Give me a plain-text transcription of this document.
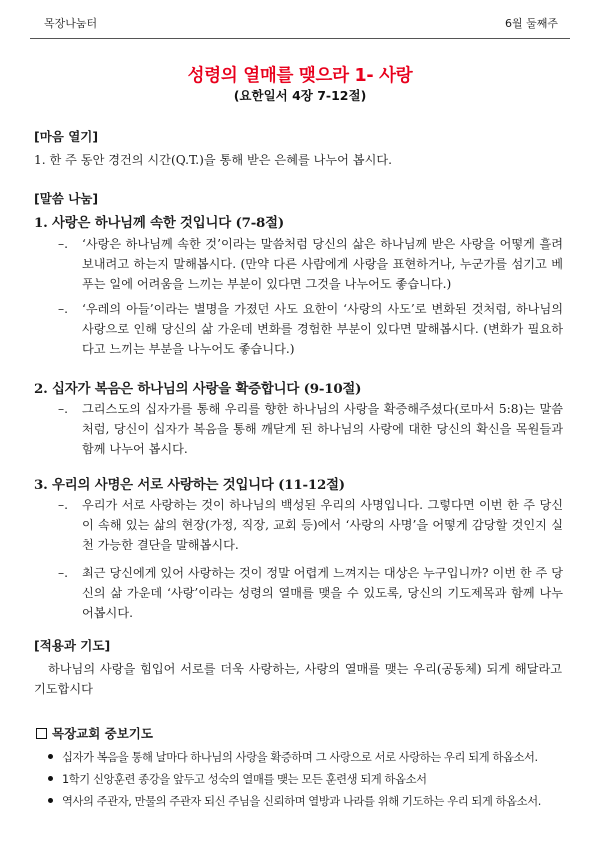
목장나눔터	6월 둘째주
성령의 열매를 맺으라 1- 사랑
(요한일서 4장 7-12절)
[마음 열기]
1. 한 주 동안 경건의 시간(Q.T.)을 통해 받은 은혜를 나누어 봅시다.
[말씀 나눔]
1. 사랑은 하나님께 속한 것입니다 (7-8절)
–. ‘사랑은 하나님께 속한 것’이라는 말씀처럼 당신의 삶은 하나님께 받은 사랑을 어떻게 흘려 보내려고 하는지 말해봅시다. (만약 다른 사람에게 사랑을 표현하거나, 누군가를 섬기고 베푸는 일에 어려움을 느끼는 부분이 있다면 그것을 나누어도 좋습니다.)
–. ‘우레의 아들’이라는 별명을 가졌던 사도 요한이 ‘사랑의 사도’로 변화된 것처럼, 하나님의 사랑으로 인해 당신의 삶 가운데 변화를 경험한 부분이 있다면 말해봅시다. (변화가 필요하다고 느끼는 부분을 나누어도 좋습니다.)
2. 십자가 복음은 하나님의 사랑을 확증합니다 (9-10절)
–. 그리스도의 십자가를 통해 우리를 향한 하나님의 사랑을 확증해주셨다(로마서 5:8)는 말씀처럼, 당신이 십자가 복음을 통해 깨닫게 된 하나님의 사랑에 대한 당신의 확신을 목원들과 함께 나누어 봅시다.
3. 우리의 사명은 서로 사랑하는 것입니다 (11-12절)
–. 우리가 서로 사랑하는 것이 하나님의 백성된 우리의 사명입니다. 그렇다면 이번 한 주 당신이 속해 있는 삶의 현장(가정, 직장, 교회 등)에서 ‘사랑의 사명’을 어떻게 감당할 것인지 실천 가능한 결단을 말해봅시다.
–. 최근 당신에게 있어 사랑하는 것이 정말 어렵게 느껴지는 대상은 누구입니까? 이번 한 주 당신의 삶 가운데 ‘사랑’이라는 성령의 열매를 맺을 수 있도록, 당신의 기도제목과 함께 나누어봅시다.
[적용과 기도]
하나님의 사랑을 힘입어 서로를 더욱 사랑하는, 사랑의 열매를 맺는 우리(공동체) 되게 해달라고 기도합시다
목장교회 중보기도
십자가 복음을 통해 날마다 하나님의 사랑을 확증하며 그 사랑으로 서로 사랑하는 우리 되게 하옵소서.
1학기 신앙훈련 종강을 앞두고 성숙의 열매를 맺는 모든 훈련생 되게 하옵소서
역사의 주관자, 만물의 주관자 되신 주님을 신뢰하며 열방과 나라를 위해 기도하는 우리 되게 하옵소서.
